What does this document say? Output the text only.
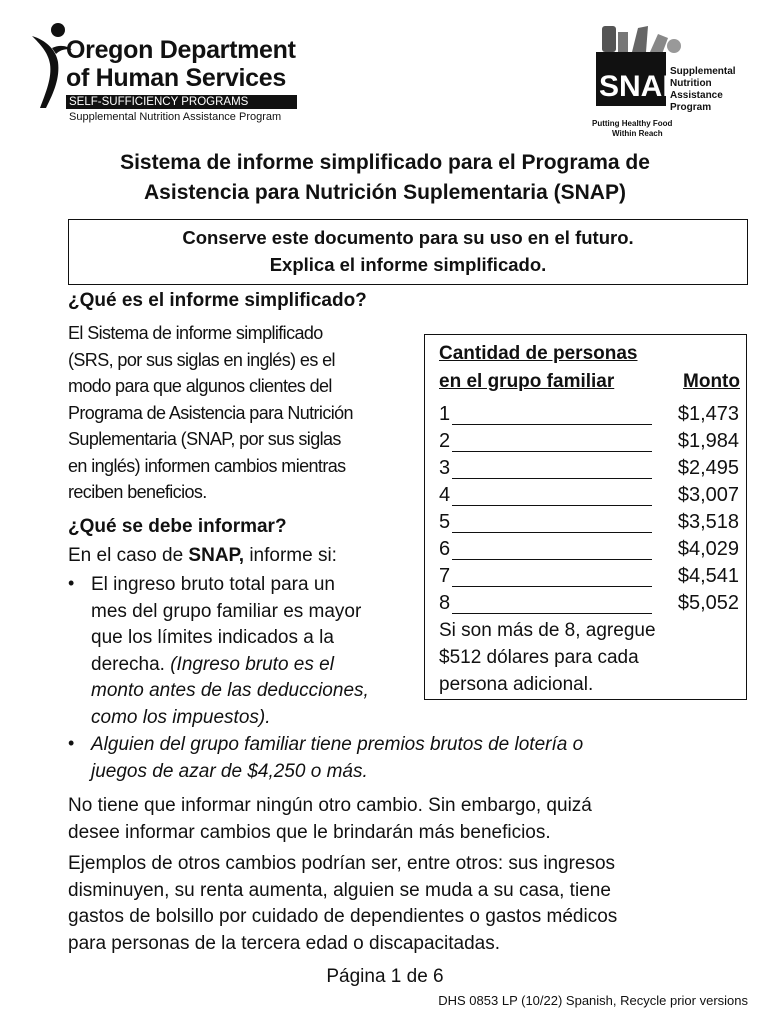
Oregon Department
of Human Services
SELF-SUFFICIENCY PROGRAMS
Supplemental Nutrition Assistance Program
SNAP
Supplemental
Nutrition
Assistance
Program
Putting Healthy Food
Within Reach
Sistema de informe simplificado para el Programa de
Asistencia para Nutrición Suplementaria (SNAP)
Conserve este documento para su uso en el futuro.
Explica el informe simplificado.
¿Qué es el informe simplificado?
El Sistema de informe simplificado
(SRS, por sus siglas en inglés) es el
modo para que algunos clientes del
Programa de Asistencia para Nutrición
Suplementaria (SNAP, por sus siglas
en inglés) informen cambios mientras
reciben beneficios.
Cantidad de personas
en el grupo familiar	Monto
1	$1,473
2	$1,984
3	$2,495
4	$3,007
5	$3,518
6	$4,029
7	$4,541
8	$5,052
Si son más de 8, agregue
$512 dólares para cada
persona adicional.
¿Qué se debe informar?
En el caso de SNAP, informe si:
• El ingreso bruto total para un
mes del grupo familiar es mayor
que los límites indicados a la
derecha. (Ingreso bruto es el
monto antes de las deducciones,
como los impuestos).
• Alguien del grupo familiar tiene premios brutos de lotería o
juegos de azar de $4,250 o más.
No tiene que informar ningún otro cambio. Sin embargo, quizá
desee informar cambios que le brindarán más beneficios.
Ejemplos de otros cambios podrían ser, entre otros: sus ingresos
disminuyen, su renta aumenta, alguien se muda a su casa, tiene
gastos de bolsillo por cuidado de dependientes o gastos médicos
para personas de la tercera edad o discapacitadas.
Página 1 de 6
DHS 0853 LP (10/22) Spanish, Recycle prior versions
